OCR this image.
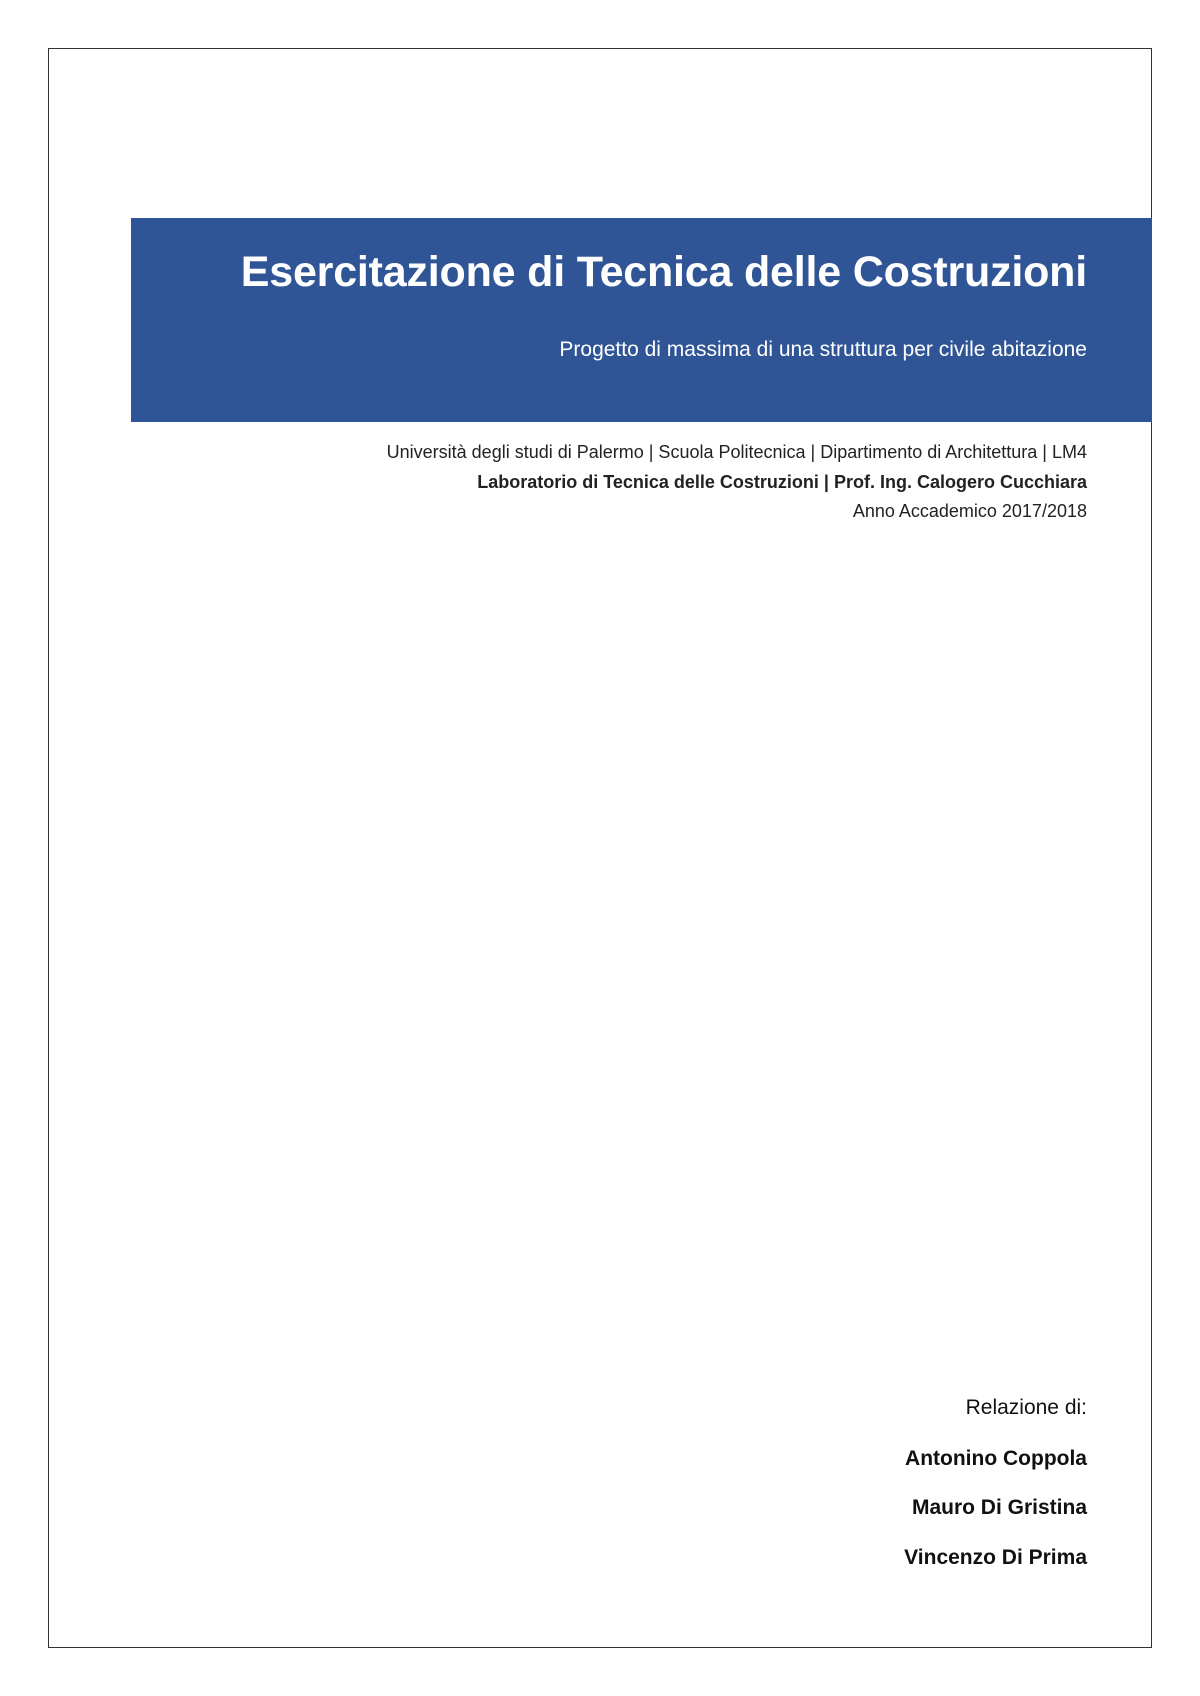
Esercitazione di Tecnica delle Costruzioni

Progetto di massima di una struttura per civile abitazione

Università degli studi di Palermo | Scuola Politecnica | Dipartimento di Architettura | LM4

Laboratorio di Tecnica delle Costruzioni | Prof. Ing. Calogero Cucchiara

Anno Accademico 2017/2018

Relazione di:

Antonino Coppola

Mauro Di Gristina

Vincenzo Di Prima
